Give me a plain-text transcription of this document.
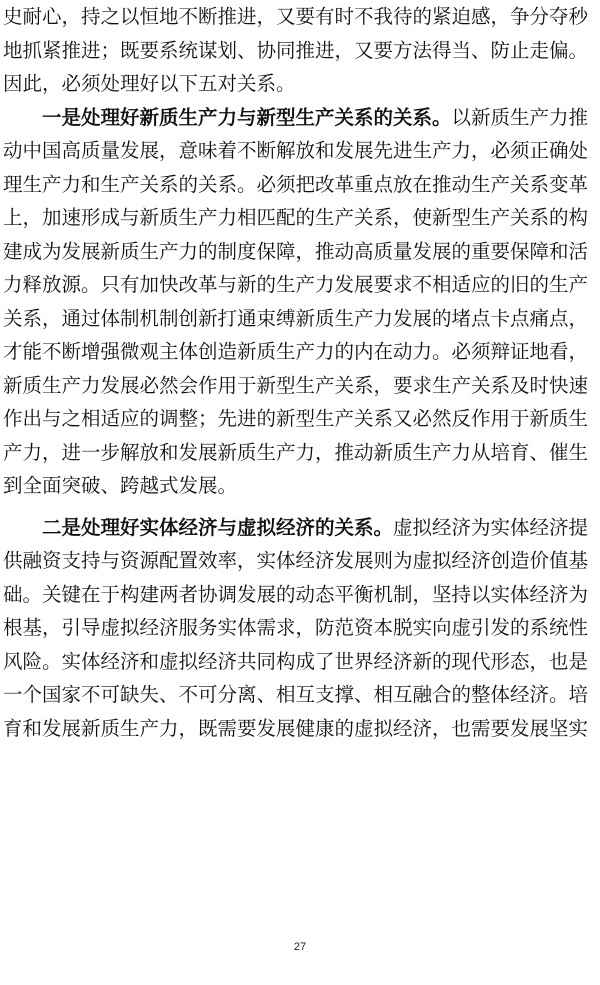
史耐心，持之以恒地不断推进，又要有时不我待的紧迫感，争分夺秒
地抓紧推进；既要系统谋划、协同推进，又要方法得当、防止走偏。
因此，必须处理好以下五对关系。
一是处理好新质生产力与新型生产关系的关系。以新质生产力推
动中国高质量发展，意味着不断解放和发展先进生产力，必须正确处
理生产力和生产关系的关系。必须把改革重点放在推动生产关系变革
上，加速形成与新质生产力相匹配的生产关系，使新型生产关系的构
建成为发展新质生产力的制度保障，推动高质量发展的重要保障和活
力释放源。只有加快改革与新的生产力发展要求不相适应的旧的生产
关系，通过体制机制创新打通束缚新质生产力发展的堵点卡点痛点，
才能不断增强微观主体创造新质生产力的内在动力。必须辩证地看，
新质生产力发展必然会作用于新型生产关系，要求生产关系及时快速
作出与之相适应的调整；先进的新型生产关系又必然反作用于新质生
产力，进一步解放和发展新质生产力，推动新质生产力从培育、催生
到全面突破、跨越式发展。
二是处理好实体经济与虚拟经济的关系。虚拟经济为实体经济提
供融资支持与资源配置效率，实体经济发展则为虚拟经济创造价值基
础。关键在于构建两者协调发展的动态平衡机制，坚持以实体经济为
根基，引导虚拟经济服务实体需求，防范资本脱实向虚引发的系统性
风险。实体经济和虚拟经济共同构成了世界经济新的现代形态，也是
一个国家不可缺失、不可分离、相互支撑、相互融合的整体经济。培
育和发展新质生产力，既需要发展健康的虚拟经济，也需要发展坚实
27
